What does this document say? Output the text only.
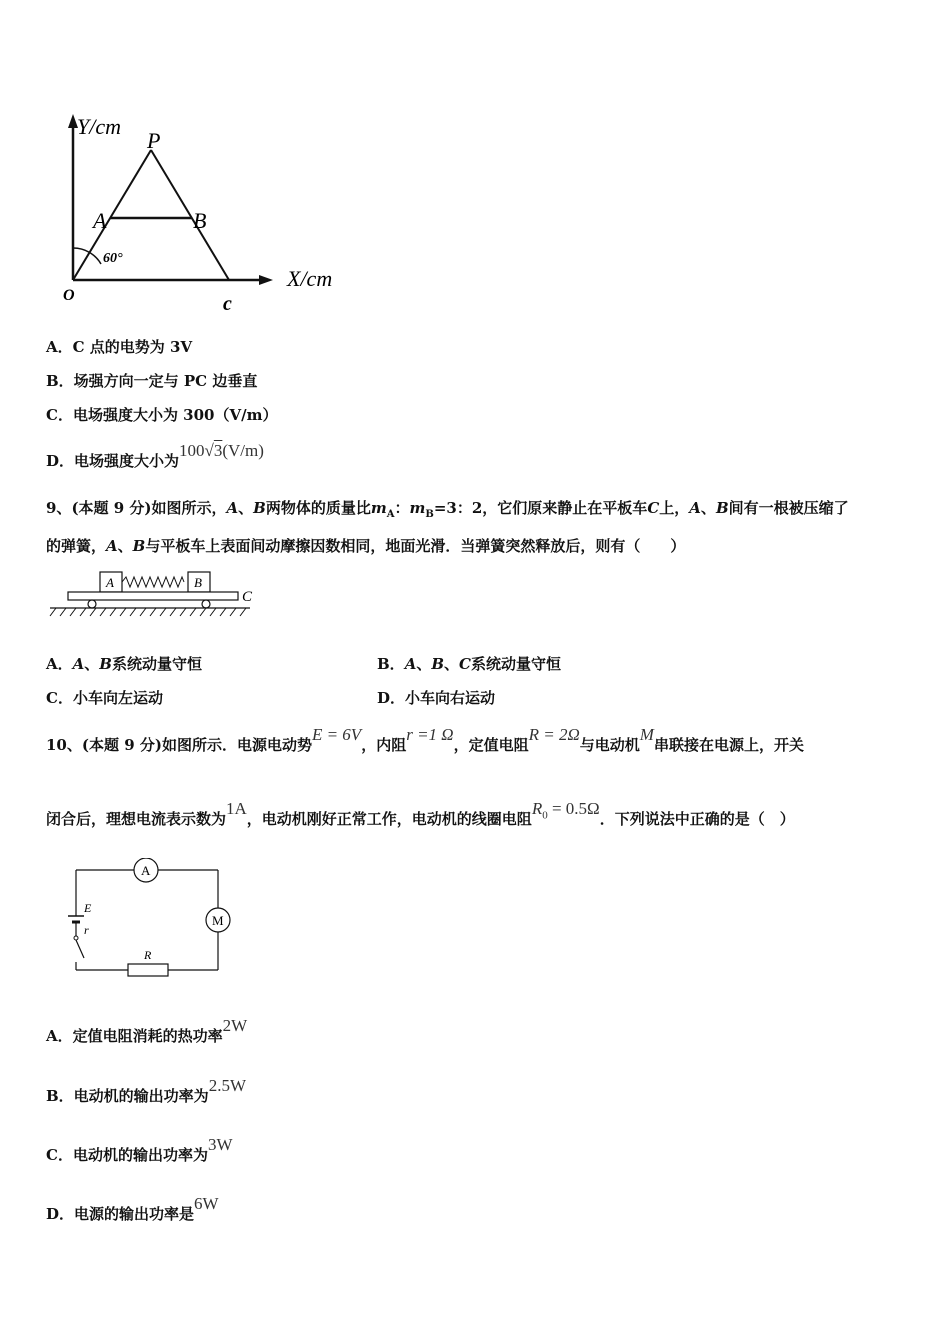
Y/cm
X/cm
P
A	B
c
O
60°
A．C 点的电势为 3V
B．场强方向一定与 PC 边垂直
C．电场强度大小为 300（V/m）
D．电场强度大小为100√3(V/m)
9、(本题 9 分)如图所示，A、B两物体的质量比$m_A$：$m_B=3$：2，它们原来静止在平板车C上，A、B间有一根被压缩了
的弹簧，A、B与平板车上表面间动摩擦因数相同，地面光滑．当弹簧突然释放后，则有（　　）
A	B
C
A．A、B系统动量守恒	B．A、B、C系统动量守恒
C．小车向左运动	D．小车向右运动
10、(本题 9 分)如图所示．电源电动势E = 6V，内阻r =1 Ω，定值电阻R = 2Ω与电动机M串联接在电源上，开关
闭合后，理想电流表示数为1A，电动机刚好正常工作，电动机的线圈电阻$R_0 = 0.5\Omega$．下列说法中正确的是（　）
A
M
E
r
R
A．定值电阻消耗的热功率2W
B．电动机的输出功率为2.5W
C．电动机的输出功率为3W
D．电源的输出功率是6W
